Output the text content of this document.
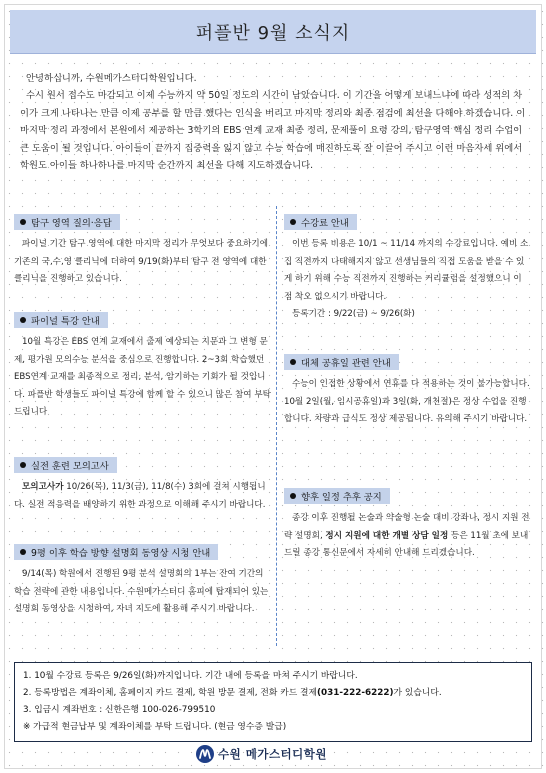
퍼플반 9월 소식지

안녕하십니까, 수원메가스터디학원입니다.

수시 원서 접수도 마감되고 이제 수능까지 약 50일 정도의 시간이 남았습니다. 이 기간을 어떻게 보내느냐에 따라 성적의 차이가 크게 나타나는 만큼 이제 공부를 할 만큼 했다는 인식을 버리고 마지막 정리와 최종 점검에 최선을 다해야 하겠습니다. 이 마지막 정리 과정에서 본원에서 제공하는 3학기의 EBS 연계 교재 최종 정리, 문제풀이 요령 강의, 탐구영역 핵심 정리 수업이 큰 도움이 될 것입니다. 아이들이 끝까지 집중력을 잃지 않고 수능 학습에 매진하도록 잘 이끌어 주시고 이런 마음자세 위에서 학원도 아이들 하나하나를 마지막 순간까지 최선을 다해 지도하겠습니다.

탐구 영역 질의·응답

파이널 기간 탐구 영역에 대한 마지막 정리가 무엇보다 중요하기에 기존의 국,수,영 클리닉에 더하여 9/19(화)부터 탐구 전 영역에 대한 클리닉을 진행하고 있습니다.

파이널 특강 안내

10월 특강은 EBS 연계 교재에서 출제 예상되는 지문과 그 변형 문제, 평가원 모의수능 분석을 중심으로 진행합니다. 2~3회 학습했던 EBS연계 교재를 최종적으로 정리, 분석, 암기하는 기회가 될 것입니다. 파플반 학생들도 파이널 특강에 함께 할 수 있으니 많은 참여 부탁드립니다

실전 훈련 모의고사

모의고사가 10/26(목), 11/3(금), 11/8(수) 3회에 걸쳐 시행됩니다. 실전 적응력을 배양하기 위한 과정으로 이해해 주시기 바랍니다.

9평 이후 학습 방향 설명회 동영상 시청 안내

9/14(목) 학원에서 진행된 9평 분석 설명회의 1부는 잔여 기간의 학습 전략에 관한 내용입니다. 수원메가스터디 홈피에 탑재되어 있는 설명회 동영상을 시청하여, 자녀 지도에 활용해 주시기 바랍니다.

수강료 안내

이번 등록 비용은 10/1 ~ 11/14 까지의 수강료입니다. 예비 소집 직전까지 나태해지지 않고 선생님들의 직접 도움을 받을 수 있게 하기 위해 수능 직전까지 진행하는 커리큘럼을 설정했으니 이 점 착오 없으시기 바랍니다.

등록기간 : 9/22(금) ~ 9/26(화)

대체 공휴일 관련 안내

수능이 인접한 상황에서 연휴를 다 적용하는 것이 불가능합니다. 10월 2일(월, 임시공휴일)과 3일(화, 개천절)은 정상 수업을 진행합니다. 차량과 급식도 정상 제공됩니다. 유의해 주시기 바랍니다.

향후 일정 추후 공지

종강 이후 진행될 논술과 약술형 논술 대비 강좌나, 정시 지원 전략 설명회, 정시 지원에 대한 개별 상담 일정 등은 11월 초에 보내드릴 종강 통신문에서 자세히 안내해 드리겠습니다.

1. 10월 수강료 등록은 9/26일(화)까지입니다. 기간 내에 등록을 마쳐 주시기 바랍니다.
2. 등록방법은 계좌이체, 홈페이지 카드 결제, 학원 방문 결제, 전화 카드 결제(031-222-6222)가 있습니다.
3. 입금시 계좌번호 : 신한은행 100-026-799510
※ 가급적 현금납부 및 계좌이체를 부탁 드립니다. (현금 영수증 발급)
수원 메가스터디학원
